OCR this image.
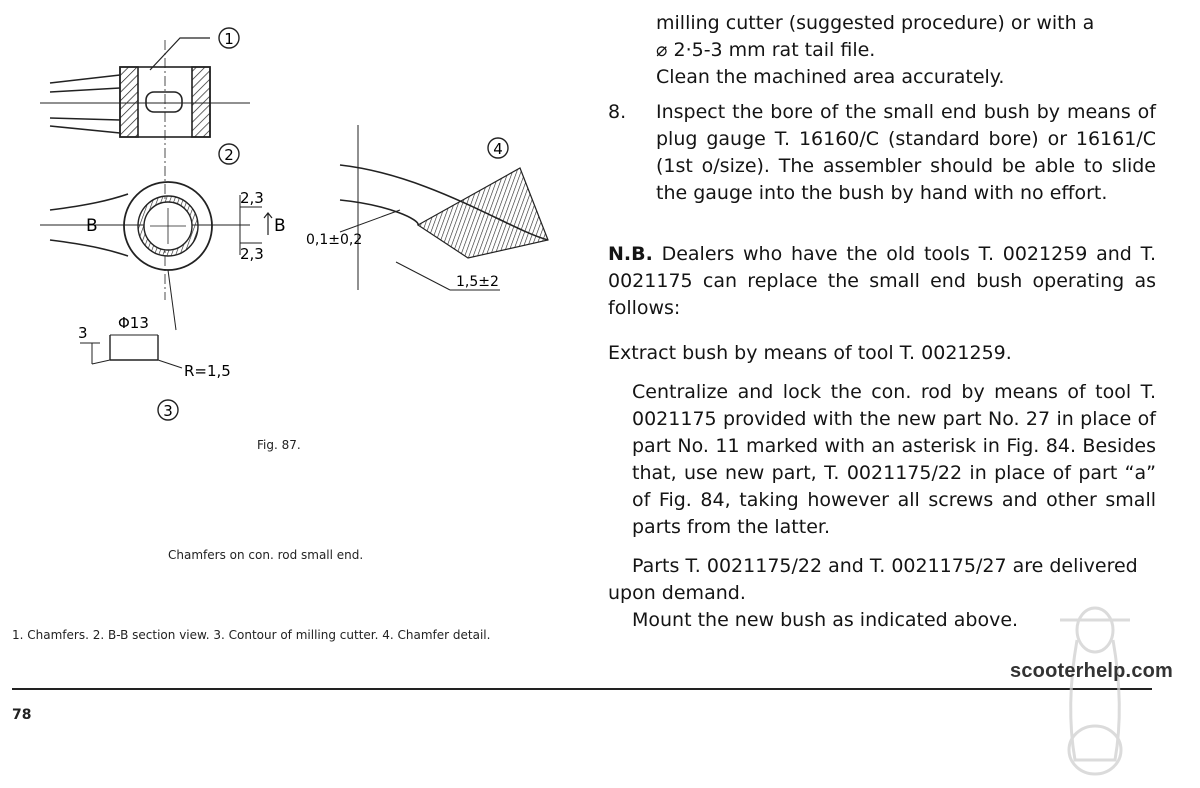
1
2
B	B
2,3
2,3
3
Φ13
R=1,5
3
4
0,1±0,2
1,5±2
Fig. 87.
Chamfers on con. rod small end.
1. Chamfers. 2. B-B section view. 3. Contour of milling cutter. 4. Chamfer detail.

milling cutter (suggested procedure) or with a

⌀ 2·5-3 mm rat tail file.

Clean the machined area accurately.

8. Inspect the bore of the small end bush by means of plug gauge T. 16160/C (standard bore) or 16161/C (1st o/size). The assembler should be able to slide the gauge into the bush by hand with no effort.

N.B. Dealers who have the old tools T. 0021259 and T. 0021175 can replace the small end bush operating as follows:

Extract bush by means of tool T. 0021259.

Centralize and lock the con. rod by means of tool T. 0021175 provided with the new part No. 27 in place of part No. 11 marked with an asterisk in Fig. 84. Besides that, use new part, T. 0021175/22 in place of part “a” of Fig. 84, taking however all screws and other small parts from the latter.

Parts T. 0021175/22 and T. 0021175/27 are delivered

upon demand.

Mount the new bush as indicated above.

78
scooterhelp.com
